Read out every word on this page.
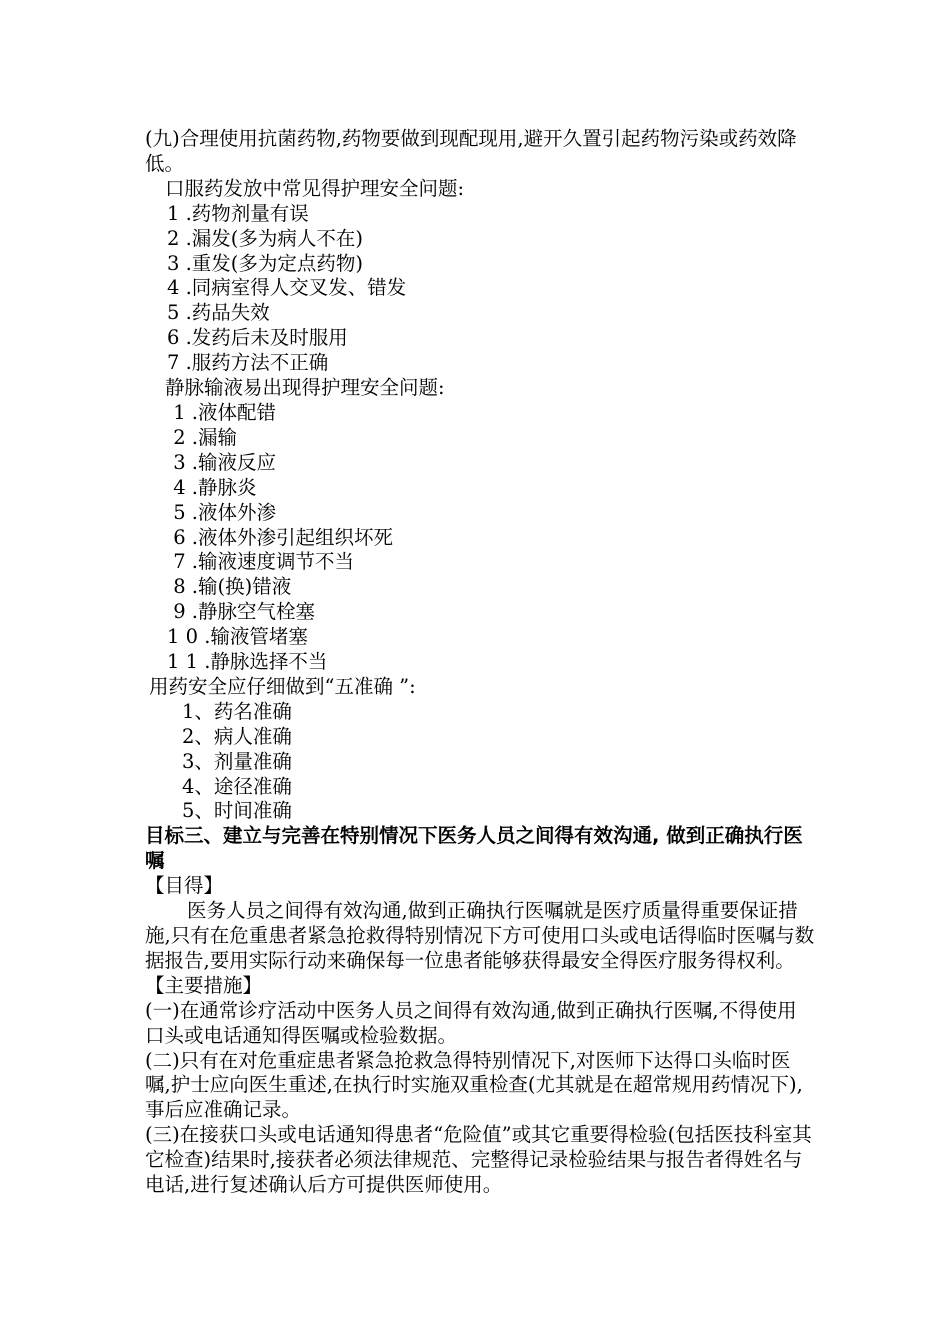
(九)合理使用抗菌药物,药物要做到现配现用,避开久置引起药物污染或药效降低。
口服药发放中常见得护理安全问题:
1 .药物剂量有误
2 .漏发(多为病人不在)
3 .重发(多为定点药物)
4 .同病室得人交叉发、错发
5 .药品失效
6 .发药后未及时服用
7 .服药方法不正确
静脉输液易出现得护理安全问题:
1 .液体配错
2 .漏输
3 .输液反应
4 .静脉炎
5 .液体外渗
6 .液体外渗引起组织坏死
7 .输液速度调节不当
8 .输(换)错液
9 .静脉空气栓塞
1 0 .输液管堵塞
1 1 .静脉选择不当
用药安全应仔细做到“五准确 ”:
1、药名准确
2、病人准确
3、剂量准确
4、途径准确
5、时间准确
目标三、建立与完善在特别情况下医务人员之间得有效沟通, 做到正确执行医嘱
【目得】
医务人员之间得有效沟通,做到正确执行医嘱就是医疗质量得重要保证措施,只有在危重患者紧急抢救得特别情况下方可使用口头或电话得临时医嘱与数据报告,要用实际行动来确保每一位患者能够获得最安全得医疗服务得权利。
【主要措施】
(一)在通常诊疗活动中医务人员之间得有效沟通,做到正确执行医嘱,不得使用口头或电话通知得医嘱或检验数据。
(二)只有在对危重症患者紧急抢救急得特别情况下,对医师下达得口头临时医嘱,护士应向医生重述,在执行时实施双重检查(尤其就是在超常规用药情况下),事后应准确记录。
(三)在接获口头或电话通知得患者“危险值”或其它重要得检验(包括医技科室其它检查)结果时,接获者必须法律规范、完整得记录检验结果与报告者得姓名与电话,进行复述确认后方可提供医师使用。
